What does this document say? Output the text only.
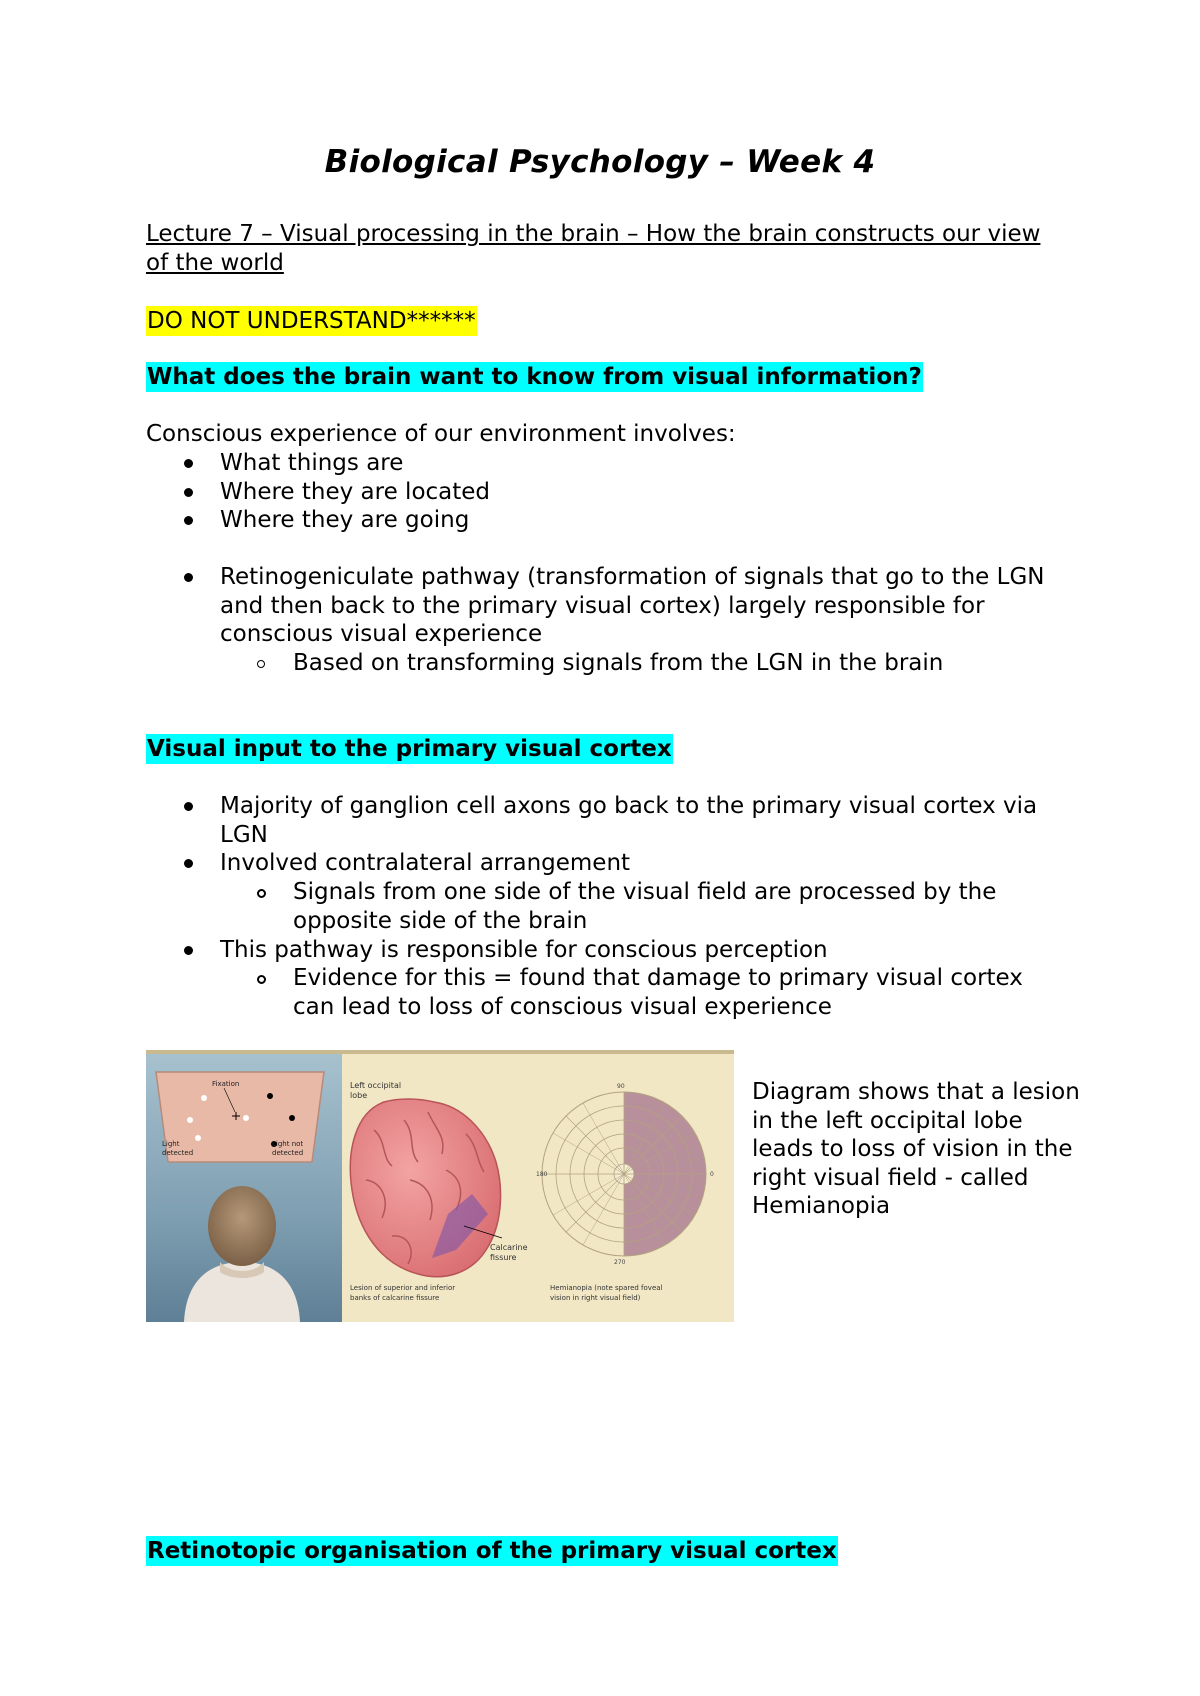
Biological Psychology – Week 4
Lecture 7 – Visual processing in the brain – How the brain constructs our view of the world
DO NOT UNDERSTAND******
What does the brain want to know from visual information?
Conscious experience of our environment involves:
What things are
Where they are located
Where they are going
Retinogeniculate pathway (transformation of signals that go to the LGN and then back to the primary visual cortex) largely responsible for conscious visual experience
Based on transforming signals from the LGN in the brain
Visual input to the primary visual cortex
Majority of ganglion cell axons go back to the primary visual cortex via LGN
Involved contralateral arrangement
Signals from one side of the visual field are processed by the opposite side of the brain
This pathway is responsible for conscious perception
Evidence for this = found that damage to primary visual cortex can lead to loss of conscious visual experience
Fixation
Light detected
Light not detected
Left occipital lobe
Calcarine fissure
Lesion of superior and inferior banks of calcarine fissure
90
0
180
270
Hemianopia (note spared foveal vision in right visual field)
Diagram shows that a lesion in the left occipital lobe leads to loss of vision in the right visual field - called Hemianopia
Retinotopic organisation of the primary visual cortex
